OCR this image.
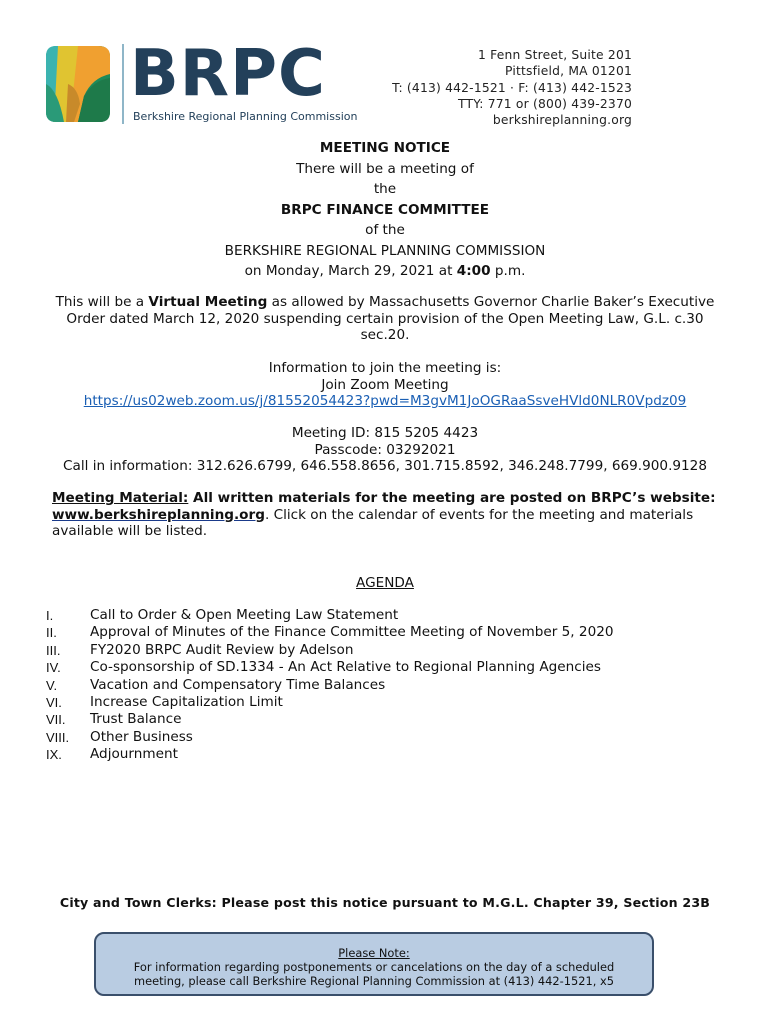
BRPC
Berkshire Regional Planning Commission
1 Fenn Street, Suite 201
Pittsfield, MA 01201
T: (413) 442-1521 · F: (413) 442-1523
TTY: 771 or (800) 439-2370
berkshireplanning.org
MEETING NOTICE
There will be a meeting of
the
BRPC FINANCE COMMITTEE
of the
BERKSHIRE REGIONAL PLANNING COMMISSION
on Monday, March 29, 2021 at 4:00 p.m.
This will be a Virtual Meeting as allowed by Massachusetts Governor Charlie Baker’s Executive Order dated March 12, 2020 suspending certain provision of the Open Meeting Law, G.L. c.30 sec.20.
Information to join the meeting is:
Join Zoom Meeting
https://us02web.zoom.us/j/81552054423?pwd=M3gvM1JoOGRaaSsveHVld0NLR0Vpdz09
Meeting ID: 815 5205 4423
Passcode: 03292021
Call in information: 312.626.6799, 646.558.8656, 301.715.8592, 346.248.7799, 669.900.9128
Meeting Material: All written materials for the meeting are posted on BRPC’s website: www.berkshireplanning.org. Click on the calendar of events for the meeting and materials available will be listed.
AGENDA
I.	Call to Order & Open Meeting Law Statement
II.	Approval of Minutes of the Finance Committee Meeting of November 5, 2020
III.	FY2020 BRPC Audit Review by Adelson
IV.	Co-sponsorship of SD.1334 - An Act Relative to Regional Planning Agencies
V.	Vacation and Compensatory Time Balances
VI.	Increase Capitalization Limit
VII.	Trust Balance
VIII.	Other Business
IX.	Adjournment
City and Town Clerks: Please post this notice pursuant to M.G.L. Chapter 39, Section 23B
Please Note:
For information regarding postponements or cancelations on the day of a scheduled
meeting, please call Berkshire Regional Planning Commission at (413) 442-1521, x5
